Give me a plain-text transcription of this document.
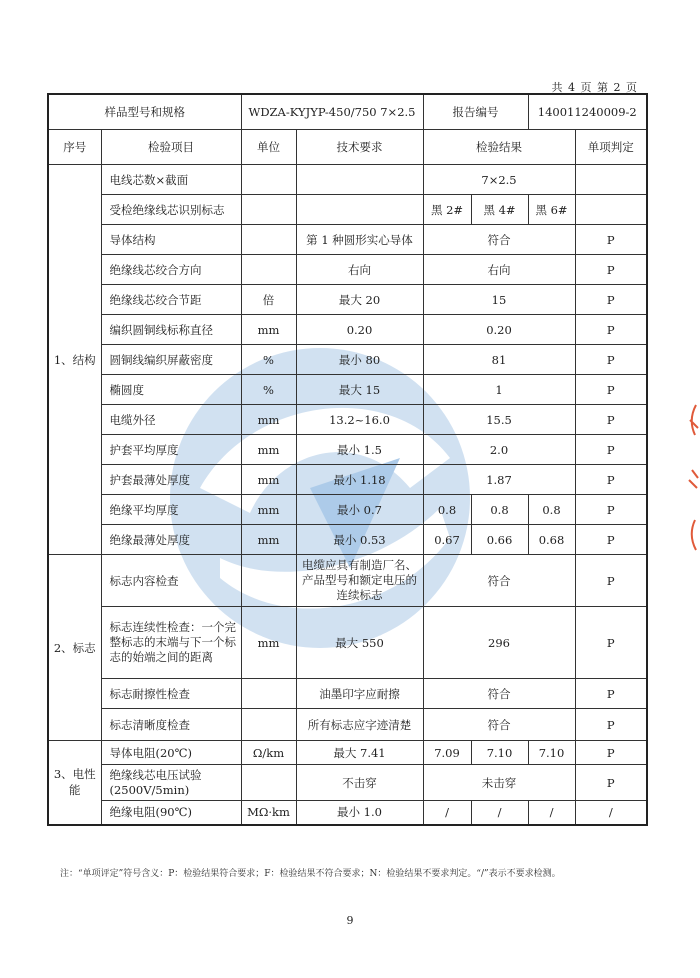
共 4 页 第 2 页
样品型号和规格		WDZA-KYJYP-450/750 7×2.5		报告编号		140011240009-2	
序号	检验项目	单位	技术要求	检验结果			单项判定
1、结构	电线芯数×截面			7×2.5			
	受检绝缘线芯识别标志			黑 2#	黑 4#	黑 6#	
	导体结构		第 1 种圆形实心导体	符合			P
	绝缘线芯绞合方向		右向	右向			P
	绝缘线芯绞合节距	倍	最大 20	15			P
	编织圆铜线标称直径	mm	0.20	0.20			P
	圆铜线编织屏蔽密度	%	最小 80	81			P
	椭圆度	%	最大 15	1			P
	电缆外径	mm	13.2~16.0	15.5			P
	护套平均厚度	mm	最小 1.5	2.0			P
	护套最薄处厚度	mm	最小 1.18	1.87			P
	绝缘平均厚度	mm	最小 0.7	0.8	0.8	0.8	P
	绝缘最薄处厚度	mm	最小 0.53	0.67	0.66	0.68	P
2、标志	标志内容检查		电缆应具有制造厂名、产品型号和额定电压的连续标志	符合			P
	标志连续性检查：一个完整标志的末端与下一个标志的始端之间的距离	mm	最大 550	296			P
	标志耐擦性检查		油墨印字应耐擦	符合			P
	标志清晰度检查		所有标志应字迹清楚	符合			P
3、电性能	导体电阻(20℃)	Ω/km	最大 7.41	7.09	7.10	7.10	P
	绝缘线芯电压试验(2500V/5min)		不击穿	未击穿			P
	绝缘电阻(90℃)	MΩ·km	最小 1.0	/	/	/	/
注：“单项评定”符号含义：P：检验结果符合要求；F：检验结果不符合要求；N：检验结果不要求判定。“/”表示不要求检测。
9
